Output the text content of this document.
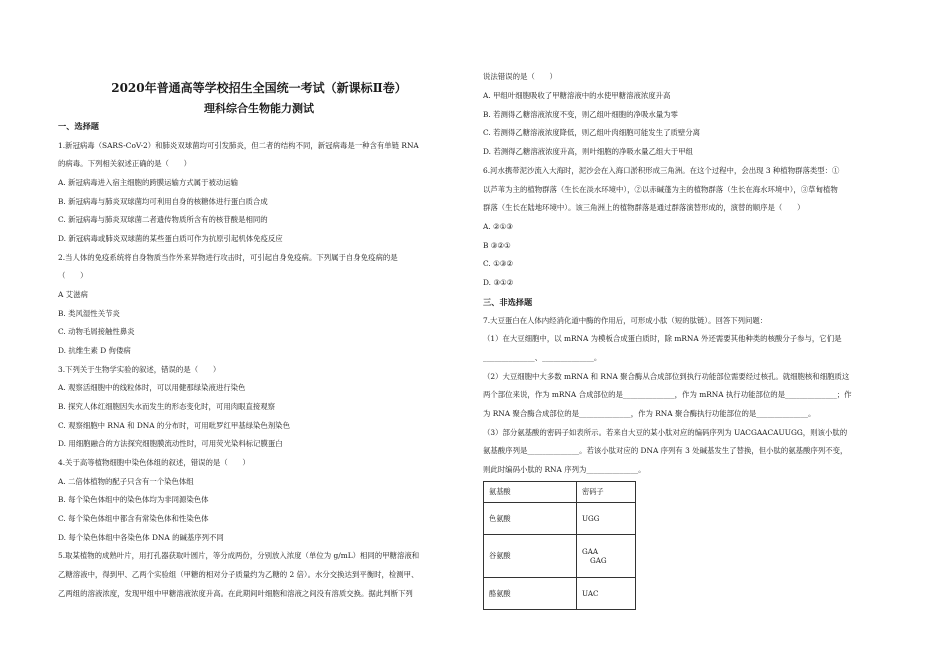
2020年普通高等学校招生全国统一考试（新课标Ⅱ卷）
理科综合生物能力测试
一、选择题
1.新冠病毒（SARS-CoV-2）和肺炎双球菌均可引发肺炎，但二者的结构不同，新冠病毒是一种含有单链 RNA
的病毒。下列相关叙述正确的是（　　）
A. 新冠病毒进入宿主细胞的跨膜运输方式属于被动运输
B. 新冠病毒与肺炎双球菌均可利用自身的核糖体进行蛋白质合成
C. 新冠病毒与肺炎双球菌二者遗传物质所含有的核苷酸是相同的
D. 新冠病毒或肺炎双球菌的某些蛋白质可作为抗原引起机体免疫反应
2.当人体的免疫系统将自身物质当作外来异物进行攻击时，可引起自身免疫病。下列属于自身免疫病的是
（　　）
A 艾滋病
B. 类风湿性关节炎
C. 动物毛屑接触性鼻炎
D. 抗维生素 D 佝偻病
3.下列关于生物学实验的叙述，错误的是（　　）
A. 观察活细胞中的线粒体时，可以用健那绿染液进行染色
B. 探究人体红细胞因失水而发生的形态变化时，可用肉眼直接观察
C. 观察细胞中 RNA 和 DNA 的分布时，可用吡罗红甲基绿染色剂染色
D. 用细胞融合的方法探究细胞膜流动性时，可用荧光染料标记膜蛋白
4.关于高等植物细胞中染色体组的叙述，错误的是（　　）
A. 二倍体植物的配子只含有一个染色体组
B. 每个染色体组中的染色体均为非同源染色体
C. 每个染色体组中都含有常染色体和性染色体
D. 每个染色体组中各染色体 DNA 的碱基序列不同
5.取某植物的成熟叶片，用打孔器获取叶圆片，等分成两份，分别放入浓度（单位为 g/mL）相同的甲糖溶液和
乙糖溶液中，得到甲、乙两个实验组（甲糖的相对分子质量约为乙糖的 2 倍）。水分交换达到平衡时，检测甲、
乙两组的溶液浓度，发现甲组中甲糖溶液浓度升高。在此期间叶细胞和溶液之间没有溶质交换。据此判断下列
说法错误的是（　　）
A. 甲组叶细胞吸收了甲糖溶液中的水使甲糖溶液浓度升高
B. 若测得乙糖溶液浓度不变，则乙组叶细胞的净吸水量为零
C. 若测得乙糖溶液浓度降低，则乙组叶肉细胞可能发生了质壁分离
D. 若测得乙糖溶液浓度升高，则叶细胞的净吸水量乙组大于甲组
6.河水携带泥沙流入大海时，泥沙会在入海口淤积形成三角洲。在这个过程中，会出现 3 种植物群落类型：①
以芦苇为主的植物群落（生长在淡水环境中），②以赤碱蓬为主的植物群落（生长在海水环境中），③草甸植物
群落（生长在陆地环境中）。该三角洲上的植物群落是通过群落演替形成的，演替的顺序是（　　）
A. ②①③
B ③②①
C. ①③②
D. ③①②
三、非选择题
7.大豆蛋白在人体内经消化道中酶的作用后，可形成小肽（短的肽链）。回答下列问题：
（1）在大豆细胞中，以 mRNA 为模板合成蛋白质时，除 mRNA 外还需要其他种类的核酸分子参与，它们是
______________、______________。
（2）大豆细胞中大多数 mRNA 和 RNA 聚合酶从合成部位到执行功能部位需要经过核孔。就细胞核和细胞质这
两个部位来说，作为 mRNA 合成部位的是______________，作为 mRNA 执行功能部位的是______________；作
为 RNA 聚合酶合成部位的是______________，作为 RNA 聚合酶执行功能部位的是______________。
（3）部分氨基酸的密码子如表所示。若来自大豆的某小肽对应的编码序列为 UACGAACAUUGG，则该小肽的
氨基酸序列是______________。若该小肽对应的 DNA 序列有 3 处碱基发生了替换，但小肽的氨基酸序列不变，
则此时编码小肽的 RNA 序列为______________。
氨基酸	密码子
色氨酸	UGG
谷氨酸	GAA
GAG

酪氨酸	UAC
